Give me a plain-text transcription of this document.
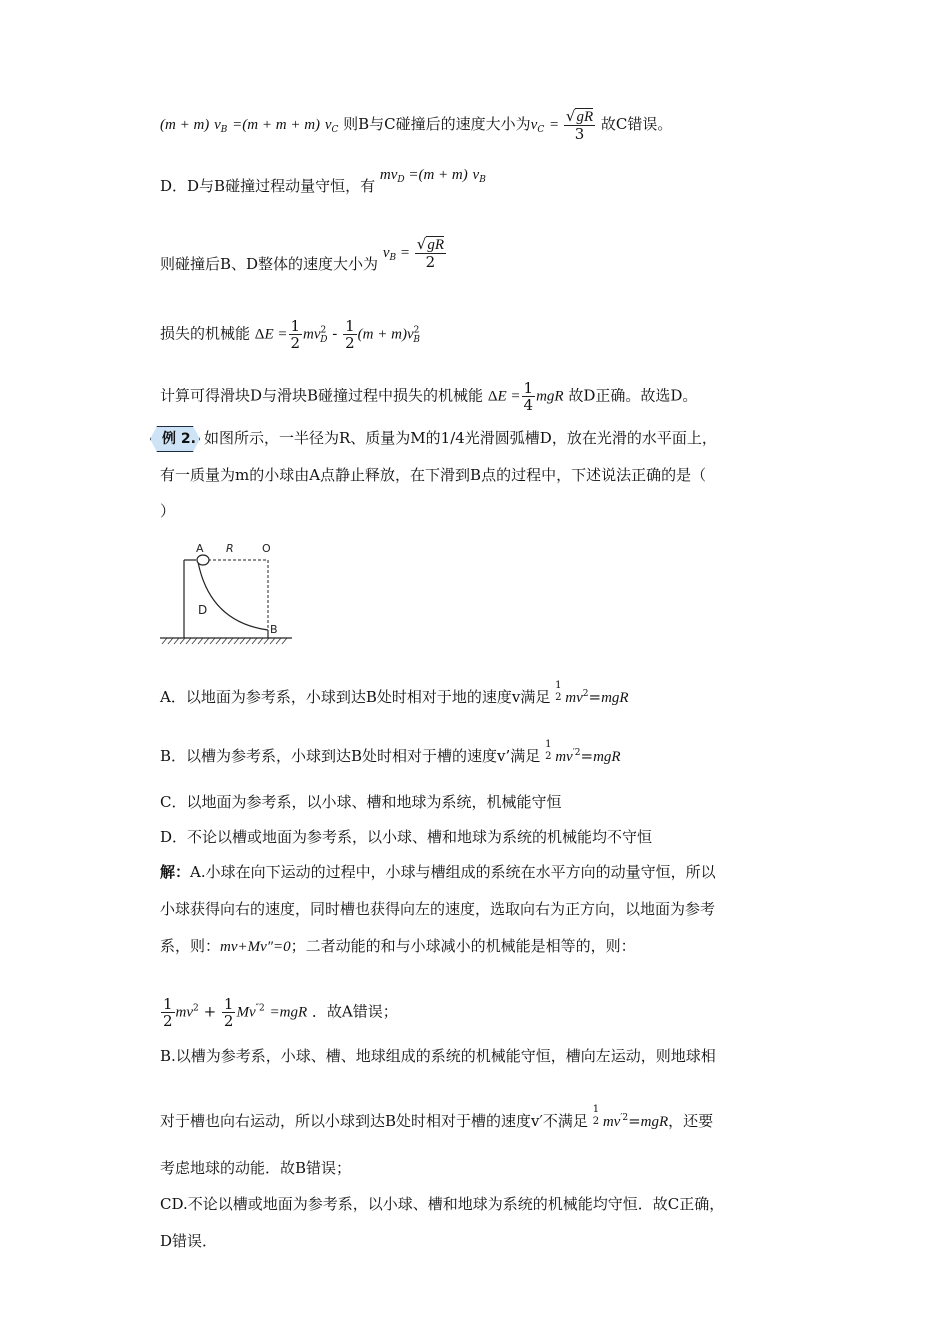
(m + m) $v_B =(m + m + m)$ $v_C$ 则B与C碰撞后的速度大小为$v_C = \frac{√gR}{3}$ 故C错误。
D．D与B碰撞过程动量守恒，有 $mv_D =(m + m)$ $v_B$
则碰撞后B、D整体的速度大小为 $v_B = \frac{√gR}{2}$
损失的机械能 $\Delta E = \frac{1}{2} mv^2_D - \frac{1}{2} (m + m)v^2_B$
计算可得滑块D与滑块B碰撞过程中损失的机械能 $\Delta E = \frac{1}{4}$ mgR 故D正确。故选D。
例 2. 如图所示，一半径为R、质量为M的1/4光滑圆弧槽D，放在光滑的水平面上，
有一质量为m的小球由A点静止释放，在下滑到B点的过程中，下述说法正确的是（
）
A R	O
D
B
A．以地面为参考系，小球到达B处时相对于地的速度v满足
1
2 $mv^2=mgR$
B．以槽为参考系，小球到达B处时相对于槽的速度v’满足
1
2 $mv^{'2}=mgR$
C．以地面为参考系，以小球、槽和地球为系统，机械能守恒
D．不论以槽或地面为参考系，以小球、槽和地球为系统的机械能均不守恒
解：A.小球在向下运动的过程中，小球与槽组成的系统在水平方向的动量守恒，所以
小球获得向右的速度，同时槽也获得向左的速度，选取向右为正方向，以地面为参考
系，则：mv+Mv″=0；二者动能的和与小球减小的机械能是相等的，则：
$\frac{1}{2} mv^2 + \frac{1}{2} Mv^{''2} =mgR$ ．故A错误；
B.以槽为参考系，小球、槽、地球组成的系统的机械能守恒，槽向左运动，则地球相
对于槽也向右运动，所以小球到达B处时相对于槽的速度v′不满足
1
2 $mv^{'2}=mgR$，还要
考虑地球的动能．故B错误；
CD.不论以槽或地面为参考系，以小球、槽和地球为系统的机械能均守恒．故C正确，
D错误．
